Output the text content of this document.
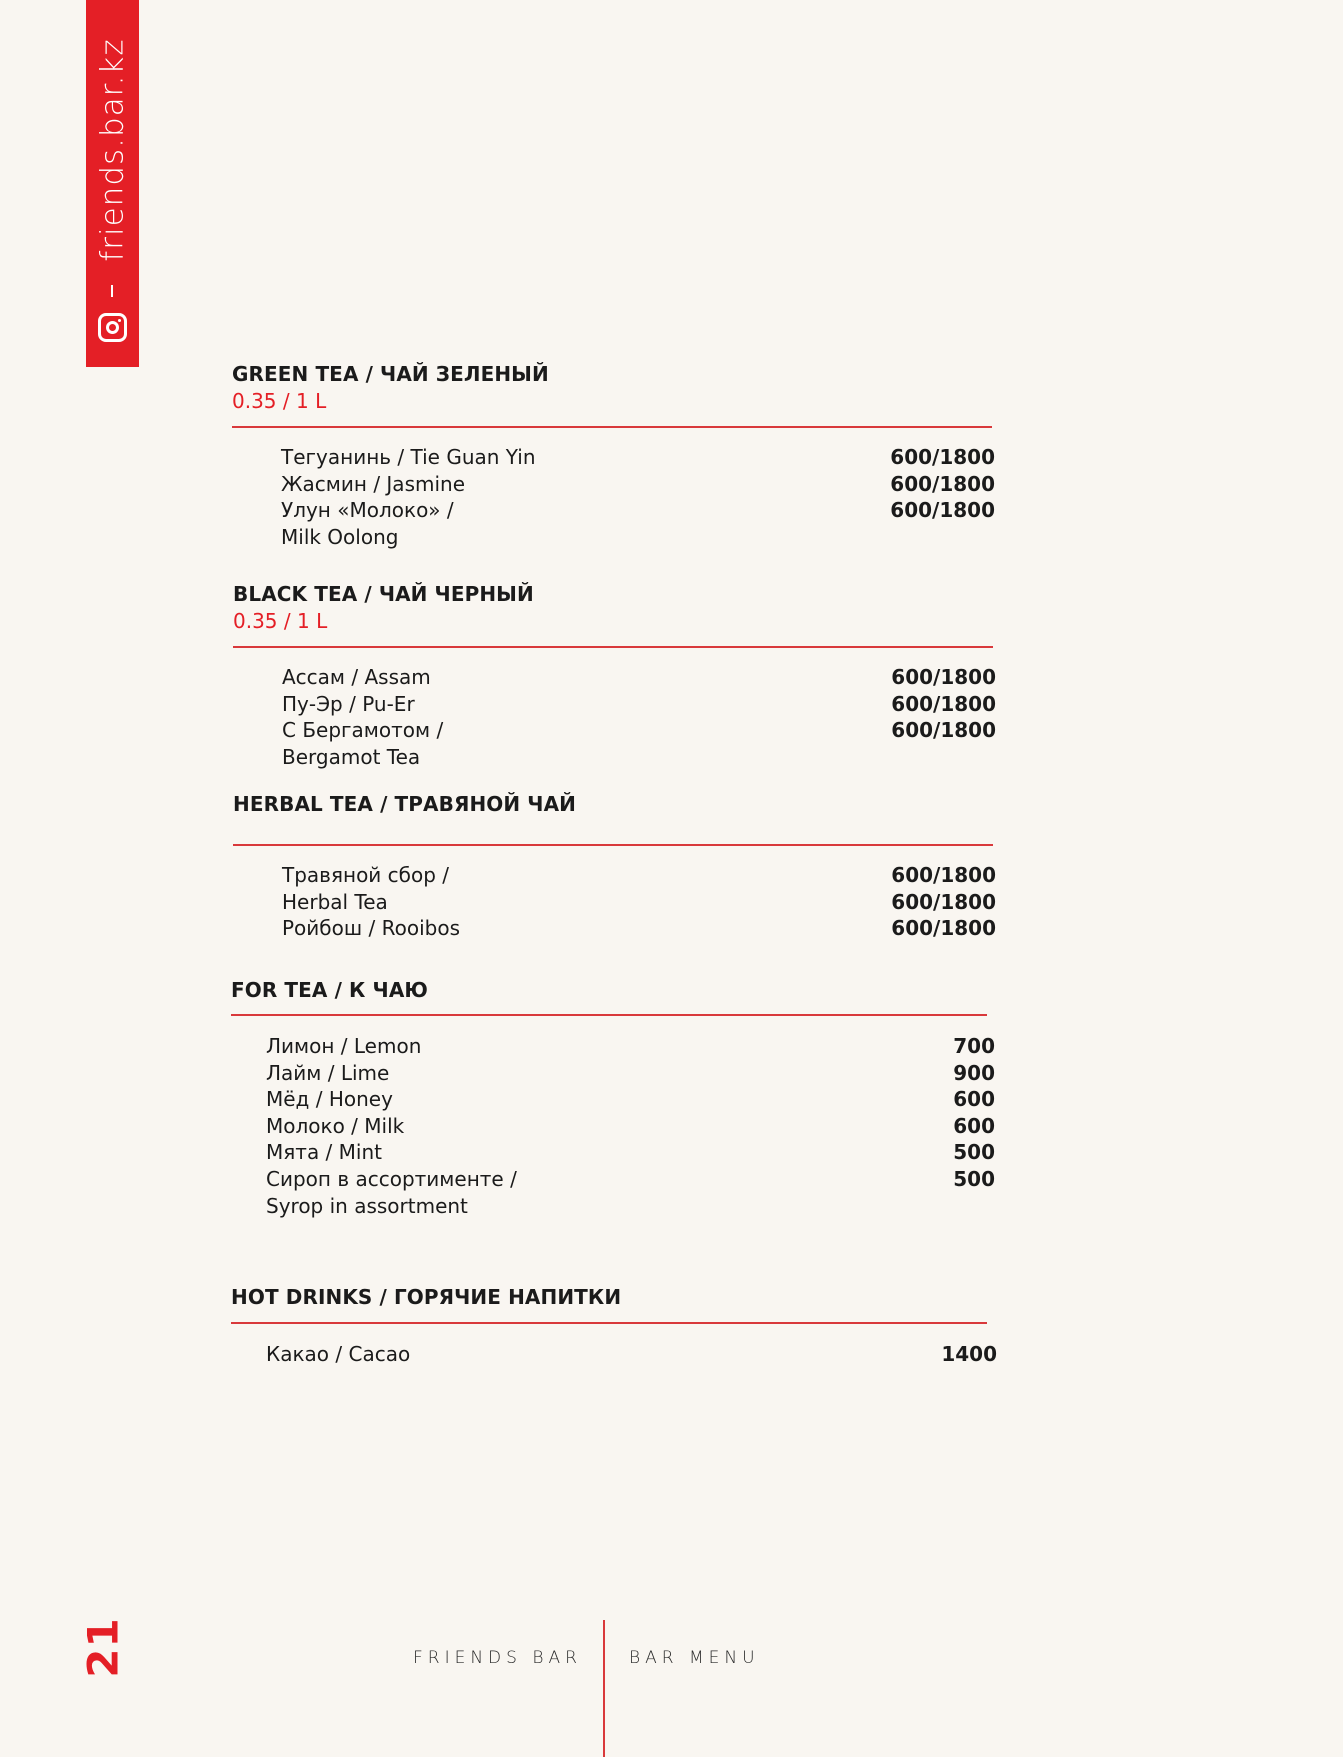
friends.bar.kz
GREEN TEA / ЧАЙ ЗЕЛЕНЫЙ
0.35 / 1 L
Тегуанинь / Tie Guan Yin	600/1800
Жасмин / Jasmine	600/1800
Улун «Молоко» /	600/1800
Milk Oolong
BLACK TEA / ЧАЙ ЧЕРНЫЙ
0.35 / 1 L
Ассам / Assam	600/1800
Пу-Эр / Pu-Er	600/1800
С Бергамотом /	600/1800
Bergamot Tea
HERBAL TEA / ТРАВЯНОЙ ЧАЙ
Травяной сбор /	600/1800
Herbal Tea	600/1800
Ройбош / Rooibos	600/1800
FOR TEA / К ЧАЮ
Лимон / Lemon	700
Лайм / Lime	900
Мёд / Honey	600
Молоко / Milk	600
Мята / Mint	500
Сироп в ассортименте /	500
Syrop in assortment
HOT DRINKS / ГОРЯЧИЕ НАПИТКИ
Какао / Cacao	1400
21	FRIENDS BAR	BAR MENU
